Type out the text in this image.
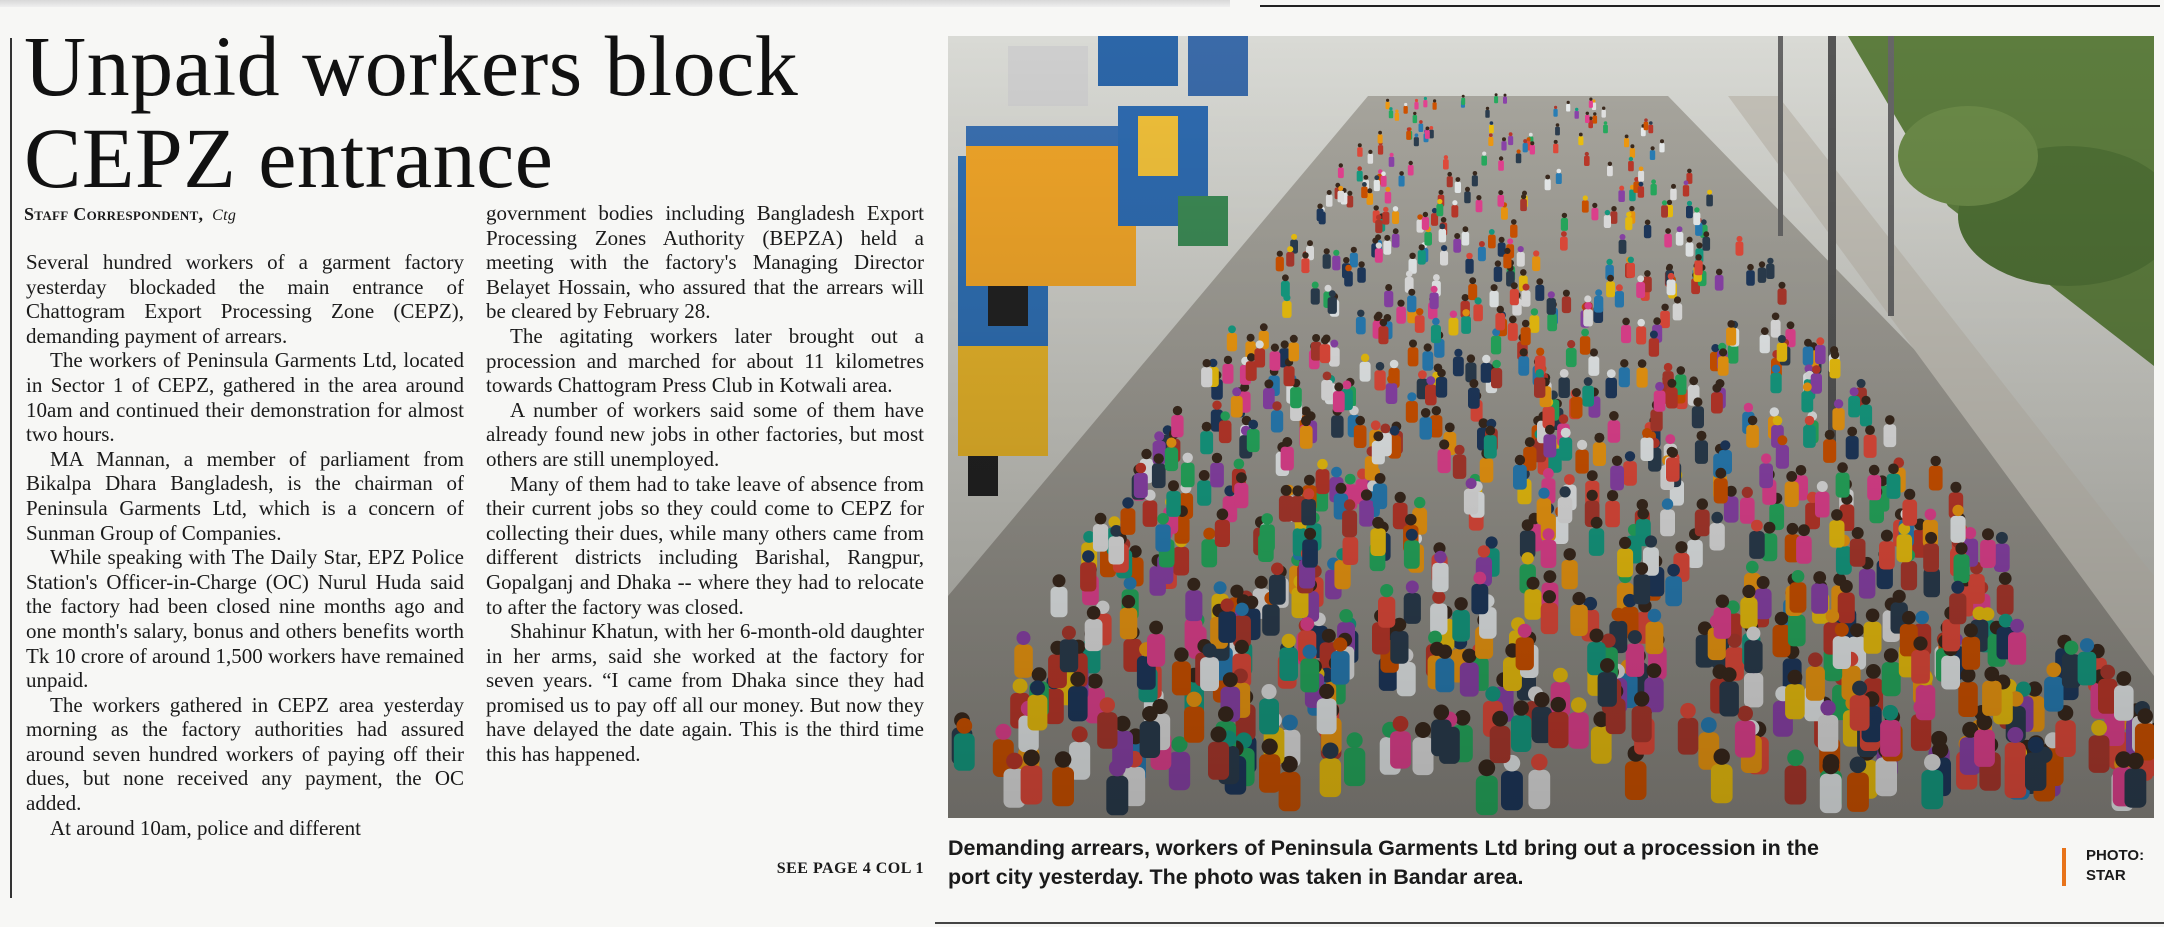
Unpaid workers block CEPZ entrance
Staff Correspondent, Ctg

Several hundred workers of a garment factory yesterday blockaded the main entrance of Chattogram Export Processing Zone (CEPZ), demanding payment of arrears.

The workers of Peninsula Garments Ltd, located in Sector 1 of CEPZ, gathered in the area around 10am and continued their demonstration for almost two hours.

MA Mannan, a member of parliament from Bikalpa Dhara Bangladesh, is the chairman of Peninsula Garments Ltd, which is a concern of Sunman Group of Companies.

While speaking with The Daily Star, EPZ Police Station's Officer-in-Charge (OC) Nurul Huda said the factory had been closed nine months ago and one month's salary, bonus and others benefits worth Tk 10 crore of around 1,500 workers have remained unpaid.

The workers gathered in CEPZ area yesterday morning as the factory authorities had assured around seven hundred workers of paying off their dues, but none received any payment, the OC added.

At around 10am, police and different

government bodies including Bangladesh Export Processing Zones Authority (BEPZA) held a meeting with the factory's Managing Director Belayet Hossain, who assured that the arrears will be cleared by February 28.

The agitating workers later brought out a procession and marched for about 11 kilometres towards Chattogram Press Club in Kotwali area.

A number of workers said some of them have already found new jobs in other factories, but most others are still unemployed.

Many of them had to take leave of absence from their current jobs so they could come to CEPZ for collecting their dues, while many others came from different districts including Barishal, Rangpur, Gopalganj and Dhaka -- where they had to relocate to after the factory was closed.

Shahinur Khatun, with her 6-month-old daughter in her arms, said she worked at the factory for seven years. “I came from Dhaka since they had promised us to pay off all our money. But now they have delayed the date again. This is the third time this has happened.

SEE PAGE 4 COL 1
Demanding arrears, workers of Peninsula Garments Ltd bring out a procession in the port city yesterday. The photo was taken in Bandar area.
PHOTO:
STAR
